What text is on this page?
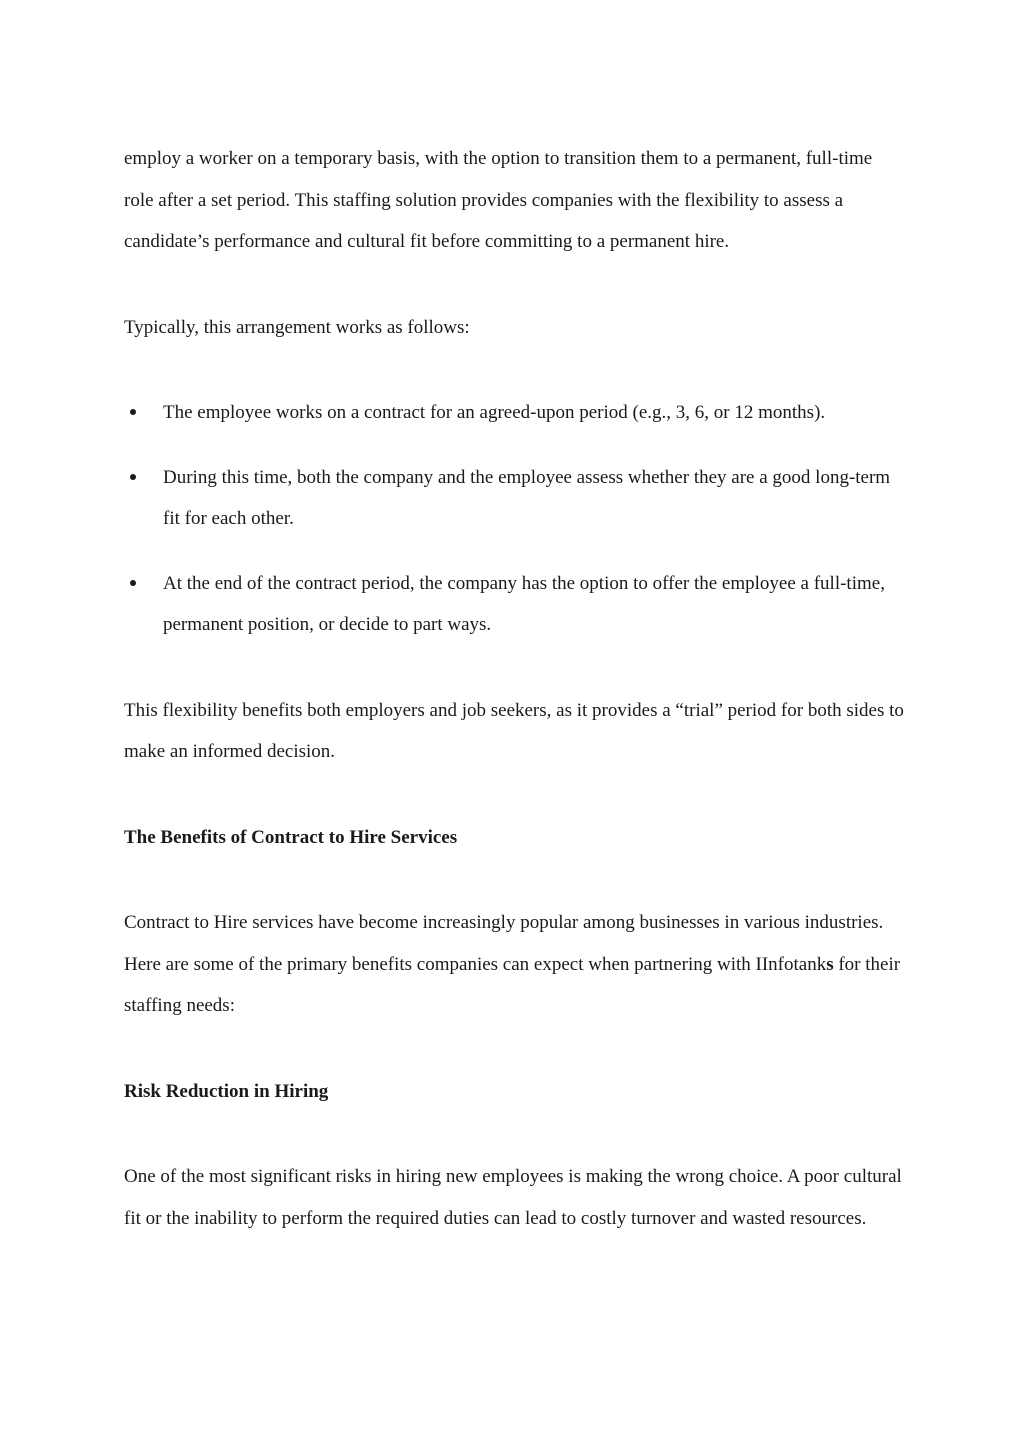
employ a worker on a temporary basis, with the option to transition them to a permanent, full-time role after a set period. This staffing solution provides companies with the flexibility to assess a candidate’s performance and cultural fit before committing to a permanent hire.

Typically, this arrangement works as follows:

The employee works on a contract for an agreed-upon period (e.g., 3, 6, or 12 months).
During this time, both the company and the employee assess whether they are a good long-term fit for each other.
At the end of the contract period, the company has the option to offer the employee a full-time, permanent position, or decide to part ways.

This flexibility benefits both employers and job seekers, as it provides a “trial” period for both sides to make an informed decision.

The Benefits of Contract to Hire Services

Contract to Hire services have become increasingly popular among businesses in various industries. Here are some of the primary benefits companies can expect when partnering with IInfotanks for their staffing needs:

Risk Reduction in Hiring

One of the most significant risks in hiring new employees is making the wrong choice. A poor cultural fit or the inability to perform the required duties can lead to costly turnover and wasted resources.
